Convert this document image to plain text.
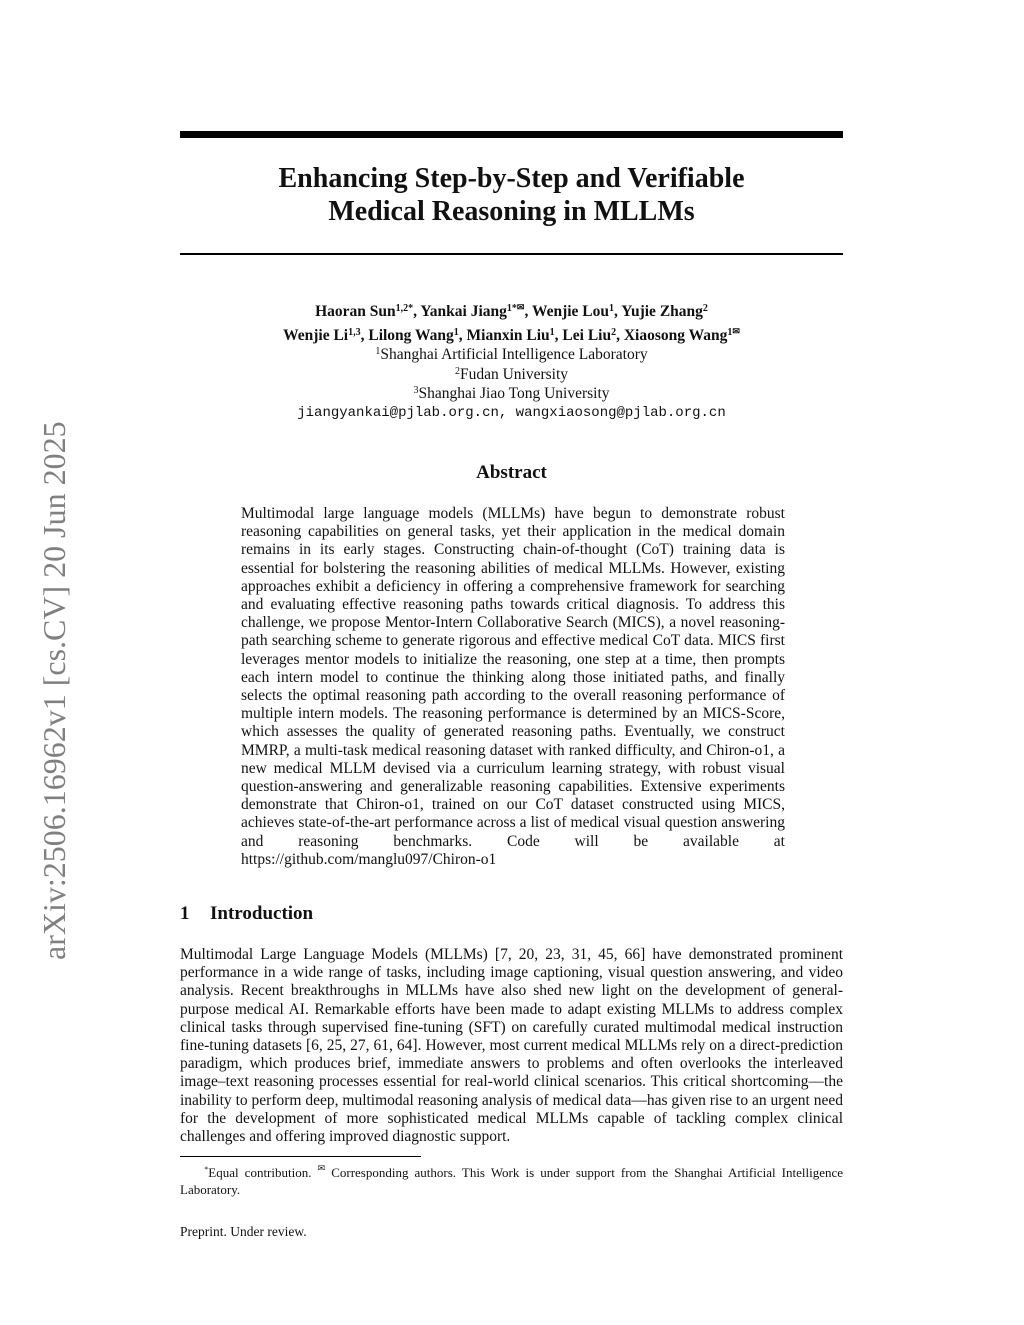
arXiv:2506.16962v1 [cs.CV] 20 Jun 2025
Enhancing Step-by-Step and Verifiable
Medical Reasoning in MLLMs
Haoran Sun$^{1,2*}$, Yankai Jiang$^{1*✉}$, Wenjie Lou$^1$, Yujie Zhang$^2$
Wenjie Li$^{1,3}$, Lilong Wang$^1$, Mianxin Liu$^1$, Lei Liu$^2$, Xiaosong Wang$^{1✉}$
$^1$Shanghai Artificial Intelligence Laboratory
$^2$Fudan University
$^3$Shanghai Jiao Tong University
jiangyankai@pjlab.org.cn, wangxiaosong@pjlab.org.cn
Abstract
Multimodal large language models (MLLMs) have begun to demonstrate robust reasoning capabilities on general tasks, yet their application in the medical domain remains in its early stages. Constructing chain-of-thought (CoT) training data is essential for bolstering the reasoning abilities of medical MLLMs. However, existing approaches exhibit a deficiency in offering a comprehensive framework for searching and evaluating effective reasoning paths towards critical diagnosis. To address this challenge, we propose Mentor-Intern Collaborative Search (MICS), a novel reasoning-path searching scheme to generate rigorous and effective medical CoT data. MICS first leverages mentor models to initialize the reasoning, one step at a time, then prompts each intern model to continue the thinking along those initiated paths, and finally selects the optimal reasoning path according to the overall reasoning performance of multiple intern models. The reasoning performance is determined by an MICS-Score, which assesses the quality of generated reasoning paths. Eventually, we construct MMRP, a multi-task medical reasoning dataset with ranked difficulty, and Chiron-o1, a new medical MLLM devised via a curriculum learning strategy, with robust visual question-answering and generalizable reasoning capabilities. Extensive experiments demonstrate that Chiron-o1, trained on our CoT dataset constructed using MICS, achieves state-of-the-art performance across a list of medical visual question answering and reasoning benchmarks. Code will be available at https://github.com/manglu097/Chiron-o1
1 Introduction
Multimodal Large Language Models (MLLMs) [7, 20, 23, 31, 45, 66] have demonstrated prominent performance in a wide range of tasks, including image captioning, visual question answering, and video analysis. Recent breakthroughs in MLLMs have also shed new light on the development of general-purpose medical AI. Remarkable efforts have been made to adapt existing MLLMs to address complex clinical tasks through supervised fine-tuning (SFT) on carefully curated multimodal medical instruction fine-tuning datasets [6, 25, 27, 61, 64]. However, most current medical MLLMs rely on a direct-prediction paradigm, which produces brief, immediate answers to problems and often overlooks the interleaved image–text reasoning processes essential for real-world clinical scenarios. This critical shortcoming—the inability to perform deep, multimodal reasoning analysis of medical data—has given rise to an urgent need for the development of more sophisticated medical MLLMs capable of tackling complex clinical challenges and offering improved diagnostic support.
*Equal contribution. ✉ Corresponding authors. This Work is under support from the Shanghai Artificial Intelligence Laboratory.
Preprint. Under review.
